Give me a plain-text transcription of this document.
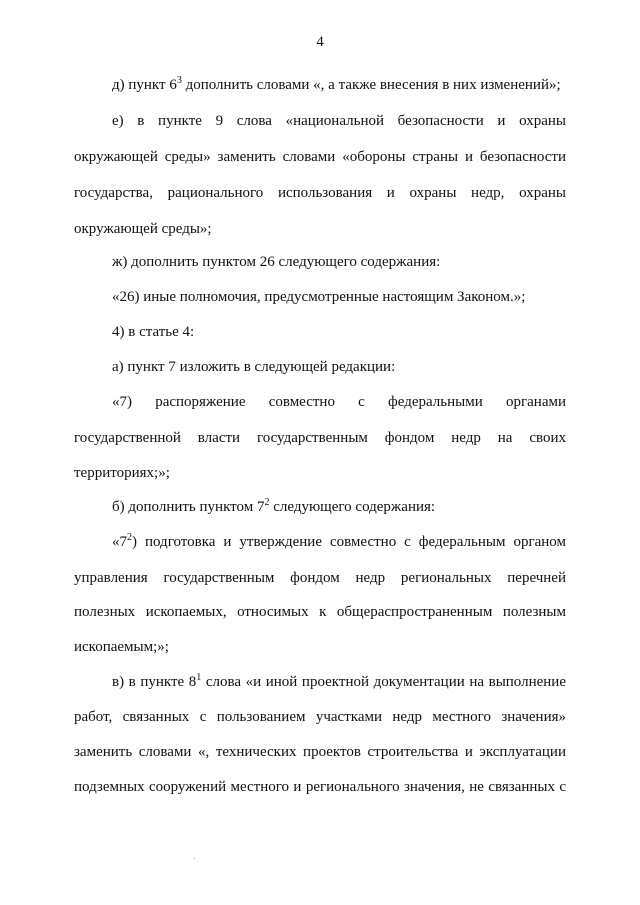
4
д) пункт $6^3$ дополнить словами «, а также внесения в них изменений»;
е) в пункте 9 слова «национальной безопасности и охраны
окружающей среды» заменить словами «обороны страны и безопасности
государства, рационального использования и охраны недр, охраны
окружающей среды»;
ж) дополнить пунктом 26 следующего содержания:
«26) иные полномочия, предусмотренные настоящим Законом.»;
4) в статье 4:
а) пункт 7 изложить в следующей редакции:
«7) распоряжение совместно с федеральными органами
государственной власти государственным фондом недр на своих
территориях;»;
б) дополнить пунктом $7^2$ следующего содержания:
«$7^2$) подготовка и утверждение совместно с федеральным органом
управления государственным фондом недр региональных перечней
полезных ископаемых, относимых к общераспространенным полезным
ископаемым;»;
в) в пункте $8^1$ слова «и иной проектной документации на выполнение
работ, связанных с пользованием участками недр местного значения»
заменить словами «, технических проектов строительства и эксплуатации
подземных сооружений местного и регионального значения, не связанных с
